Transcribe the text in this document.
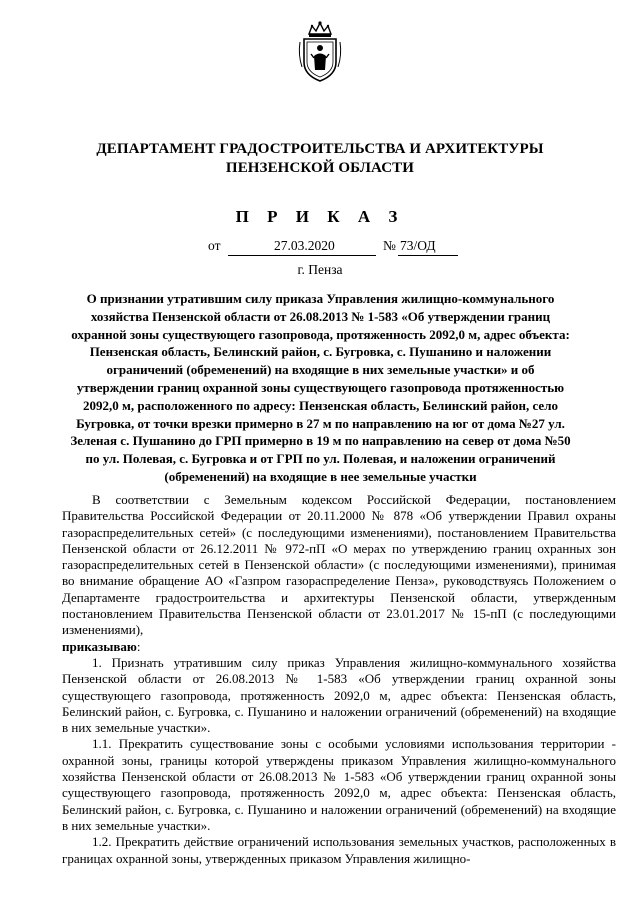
ДЕПАРТАМЕНТ ГРАДОСТРОИТЕЛЬСТВА И АРХИТЕКТУРЫ
ПЕНЗЕНСКОЙ ОБЛАСТИ
П Р И К А З
от	27.03.2020	№ 73/ОД
г. Пенза
О признании утратившим силу приказа Управления жилищно-коммунального хозяйства Пензенской области от 26.08.2013 № 1-583 «Об утверждении границ охранной зоны существующего газопровода, протяженность 2092,0 м, адрес объекта: Пензенская область, Белинский район, с. Бугровка, с. Пушанино и наложении ограничений (обременений) на входящие в них земельные участки» и об утверждении границ охранной зоны существующего газопровода протяженностью 2092,0 м, расположенного по адресу: Пензенская область, Белинский район, село Бугровка, от точки врезки примерно в 27 м по направлению на юг от дома №27 ул. Зеленая с. Пушанино до ГРП примерно в 19 м по направлению на север от дома №50 по ул. Полевая, с. Бугровка и от ГРП по ул. Полевая, и наложении ограничений (обременений) на входящие в нее земельные участки

В соответствии с Земельным кодексом Российской Федерации, постановлением Правительства Российской Федерации от 20.11.2000 № 878 «Об утверждении Правил охраны газораспределительных сетей» (с последующими изменениями), постановлением Правительства Пензенской области от 26.12.2011 № 972-пП «О мерах по утверждению границ охранных зон газораспределительных сетей в Пензенской области» (с последующими изменениями), принимая во внимание обращение АО «Газпром газораспределение Пенза», руководствуясь Положением о Департаменте градостроительства и архитектуры Пензенской области, утвержденным постановлением Правительства Пензенской области от 23.01.2017 № 15-пП (с последующими изменениями),

приказываю:

1. Признать утратившим силу приказ Управления жилищно-коммунального хозяйства Пензенской области от 26.08.2013 № 1-583 «Об утверждении границ охранной зоны существующего газопровода, протяженность 2092,0 м, адрес объекта: Пензенская область, Белинский район, с. Бугровка, с. Пушанино и наложении ограничений (обременений) на входящие в них земельные участки».

1.1. Прекратить существование зоны с особыми условиями использования территории - охранной зоны, границы которой утверждены приказом Управления жилищно-коммунального хозяйства Пензенской области от 26.08.2013 № 1-583 «Об утверждении границ охранной зоны существующего газопровода, протяженность 2092,0 м, адрес объекта: Пензенская область, Белинский район, с. Бугровка, с. Пушанино и наложении ограничений (обременений) на входящие в них земельные участки».

1.2. Прекратить действие ограничений использования земельных участков, расположенных в границах охранной зоны, утвержденных приказом Управления жилищно-
